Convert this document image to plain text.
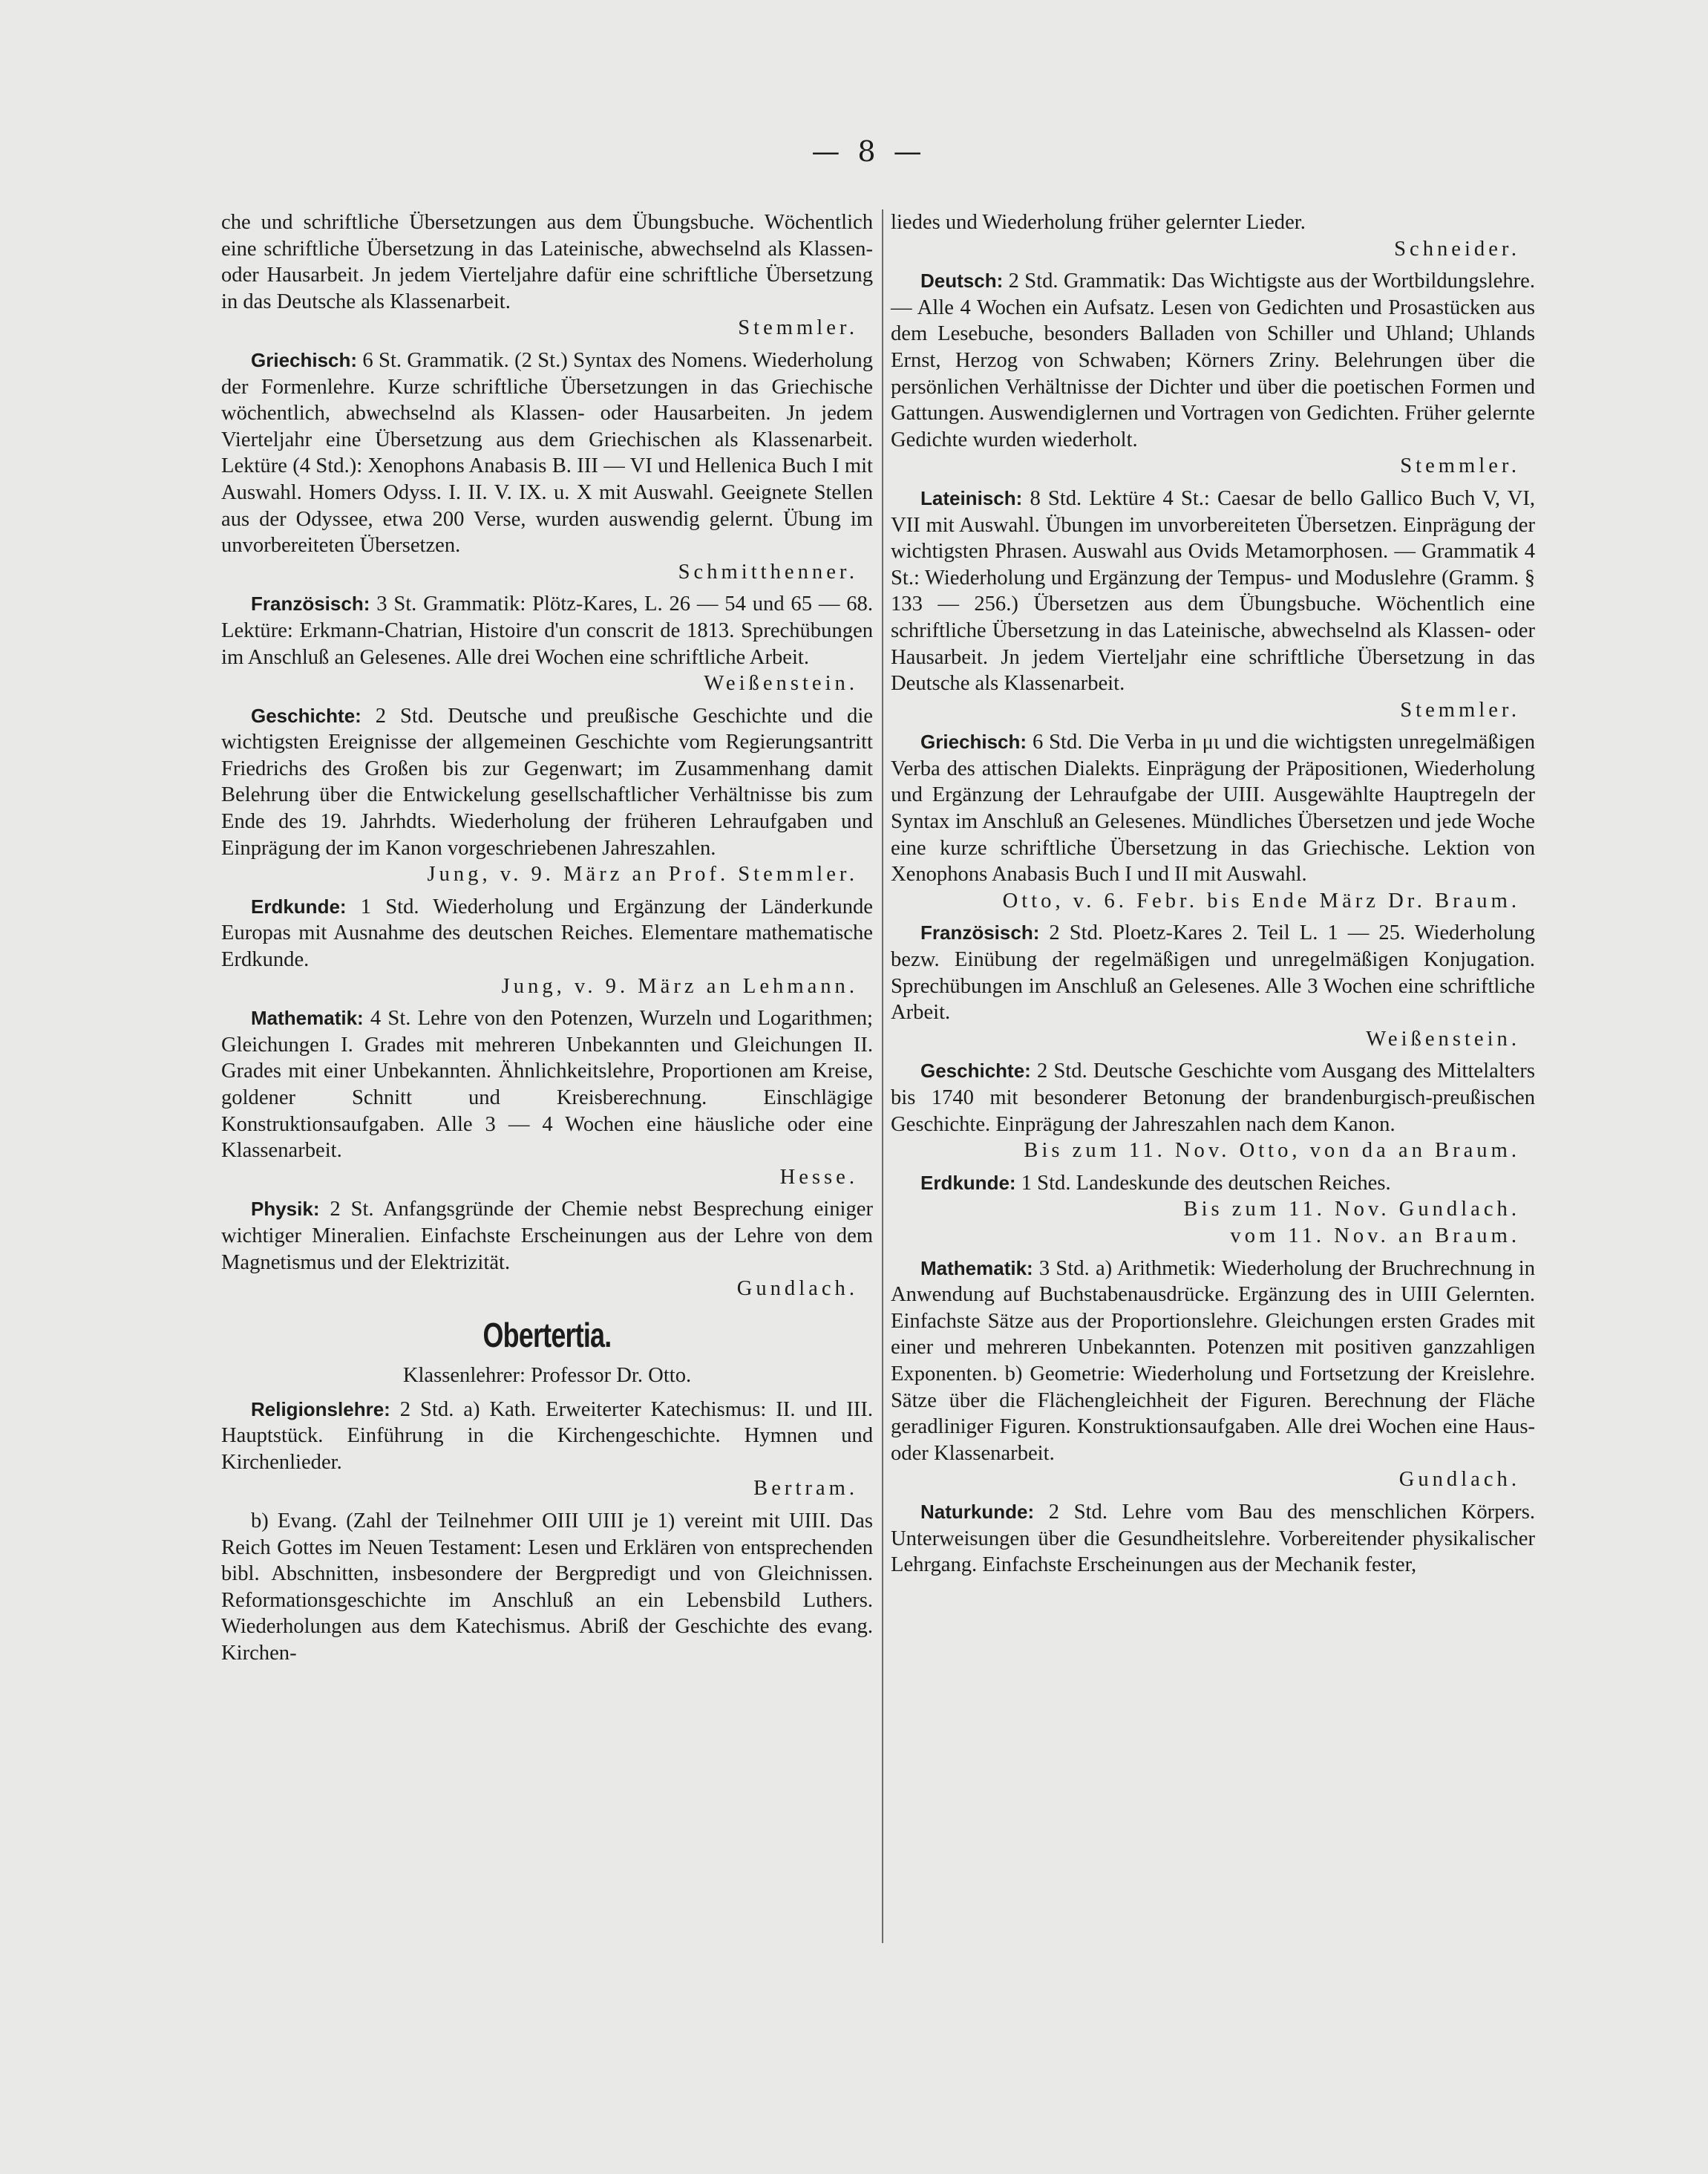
— 8 —

che und schriftliche Übersetzungen aus dem Übungsbuche. Wöchentlich eine schriftliche Übersetzung in das Lateinische, abwechselnd als Klassen- oder Hausarbeit. Jn jedem Vierteljahre dafür eine schriftliche Übersetzung in das Deutsche als Klassenarbeit.
Stemmler.

Griechisch: 6 St. Grammatik. (2 St.) Syntax des Nomens. Wiederholung der Formenlehre. Kurze schriftliche Übersetzungen in das Griechische wöchentlich, abwechselnd als Klassen- oder Hausarbeiten. Jn jedem Vierteljahr eine Übersetzung aus dem Griechischen als Klassenarbeit. Lektüre (4 Std.): Xenophons Anabasis B. III — VI und Hellenica Buch I mit Auswahl. Homers Odyss. I. II. V. IX. u. X mit Auswahl. Geeignete Stellen aus der Odyssee, etwa 200 Verse, wurden auswendig gelernt. Übung im unvorbereiteten Übersetzen.
Schmitthenner.

Französisch: 3 St. Grammatik: Plötz-Kares, L. 26 — 54 und 65 — 68. Lektüre: Erkmann-Chatrian, Histoire d'un conscrit de 1813. Sprechübungen im Anschluß an Gelesenes. Alle drei Wochen eine schriftliche Arbeit.
Weißenstein.

Geschichte: 2 Std. Deutsche und preußische Geschichte und die wichtigsten Ereignisse der allgemeinen Geschichte vom Regierungsantritt Friedrichs des Großen bis zur Gegenwart; im Zusammenhang damit Belehrung über die Entwickelung gesellschaftlicher Verhältnisse bis zum Ende des 19. Jahrhdts. Wiederholung der früheren Lehraufgaben und Einprägung der im Kanon vorgeschriebenen Jahreszahlen.
Jung, v. 9. März an Prof. Stemmler.

Erdkunde: 1 Std. Wiederholung und Ergänzung der Länderkunde Europas mit Ausnahme des deutschen Reiches. Elementare mathematische Erdkunde.
Jung, v. 9. März an Lehmann.

Mathematik: 4 St. Lehre von den Potenzen, Wurzeln und Logarithmen; Gleichungen I. Grades mit mehreren Unbekannten und Gleichungen II. Grades mit einer Unbekannten. Ähnlichkeitslehre, Proportionen am Kreise, goldener Schnitt und Kreisberechnung. Einschlägige Konstruktionsaufgaben. Alle 3 — 4 Wochen eine häusliche oder eine Klassenarbeit.
Hesse.

Physik: 2 St. Anfangsgründe der Chemie nebst Besprechung einiger wichtiger Mineralien. Einfachste Erscheinungen aus der Lehre von dem Magnetismus und der Elektrizität.
Gundlach.

Obertertia.
Klassenlehrer: Professor Dr. Otto.

Religionslehre: 2 Std. a) Kath. Erweiterter Katechismus: II. und III. Hauptstück. Einführung in die Kirchengeschichte. Hymnen und Kirchenlieder.
Bertram.

b) Evang. (Zahl der Teilnehmer OIII UIII je 1) vereint mit UIII. Das Reich Gottes im Neuen Testament: Lesen und Erklären von entsprechenden bibl. Abschnitten, insbesondere der Bergpredigt und von Gleichnissen. Reformationsgeschichte im Anschluß an ein Lebensbild Luthers. Wiederholungen aus dem Katechismus. Abriß der Geschichte des evang. Kirchen-

liedes und Wiederholung früher gelernter Lieder.
Schneider.

Deutsch: 2 Std. Grammatik: Das Wichtigste aus der Wortbildungslehre. — Alle 4 Wochen ein Aufsatz. Lesen von Gedichten und Prosastücken aus dem Lesebuche, besonders Balladen von Schiller und Uhland; Uhlands Ernst, Herzog von Schwaben; Körners Zriny. Belehrungen über die persönlichen Verhältnisse der Dichter und über die poetischen Formen und Gattungen. Auswendiglernen und Vortragen von Gedichten. Früher gelernte Gedichte wurden wiederholt.
Stemmler.

Lateinisch: 8 Std. Lektüre 4 St.: Caesar de bello Gallico Buch V, VI, VII mit Auswahl. Übungen im unvorbereiteten Übersetzen. Einprägung der wichtigsten Phrasen. Auswahl aus Ovids Metamorphosen. — Grammatik 4 St.: Wiederholung und Ergänzung der Tempus- und Moduslehre (Gramm. § 133 — 256.) Übersetzen aus dem Übungsbuche. Wöchentlich eine schriftliche Übersetzung in das Lateinische, abwechselnd als Klassen- oder Hausarbeit. Jn jedem Vierteljahr eine schriftliche Übersetzung in das Deutsche als Klassenarbeit.
Stemmler.

Griechisch: 6 Std. Die Verba in μι und die wichtigsten unregelmäßigen Verba des attischen Dialekts. Einprägung der Präpositionen, Wiederholung und Ergänzung der Lehraufgabe der UIII. Ausgewählte Hauptregeln der Syntax im Anschluß an Gelesenes. Mündliches Übersetzen und jede Woche eine kurze schriftliche Übersetzung in das Griechische. Lektion von Xenophons Anabasis Buch I und II mit Auswahl.
Otto, v. 6. Febr. bis Ende März Dr. Braum.

Französisch: 2 Std. Ploetz-Kares 2. Teil L. 1 — 25. Wiederholung bezw. Einübung der regelmäßigen und unregelmäßigen Konjugation. Sprechübungen im Anschluß an Gelesenes. Alle 3 Wochen eine schriftliche Arbeit.
Weißenstein.

Geschichte: 2 Std. Deutsche Geschichte vom Ausgang des Mittelalters bis 1740 mit besonderer Betonung der brandenburgisch-preußischen Geschichte. Einprägung der Jahreszahlen nach dem Kanon.
Bis zum 11. Nov. Otto, von da an Braum.

Erdkunde: 1 Std. Landeskunde des deutschen Reiches.
Bis zum 11. Nov. Gundlach.
vom 11. Nov. an Braum.

Mathematik: 3 Std. a) Arithmetik: Wiederholung der Bruchrechnung in Anwendung auf Buchstabenausdrücke. Ergänzung des in UIII Gelernten. Einfachste Sätze aus der Proportionslehre. Gleichungen ersten Grades mit einer und mehreren Unbekannten. Potenzen mit positiven ganzzahligen Exponenten. b) Geometrie: Wiederholung und Fortsetzung der Kreislehre. Sätze über die Flächengleichheit der Figuren. Berechnung der Fläche geradliniger Figuren. Konstruktionsaufgaben. Alle drei Wochen eine Haus- oder Klassenarbeit.
Gundlach.

Naturkunde: 2 Std. Lehre vom Bau des menschlichen Körpers. Unterweisungen über die Gesundheitslehre. Vorbereitender physikalischer Lehrgang. Einfachste Erscheinungen aus der Mechanik fester,
